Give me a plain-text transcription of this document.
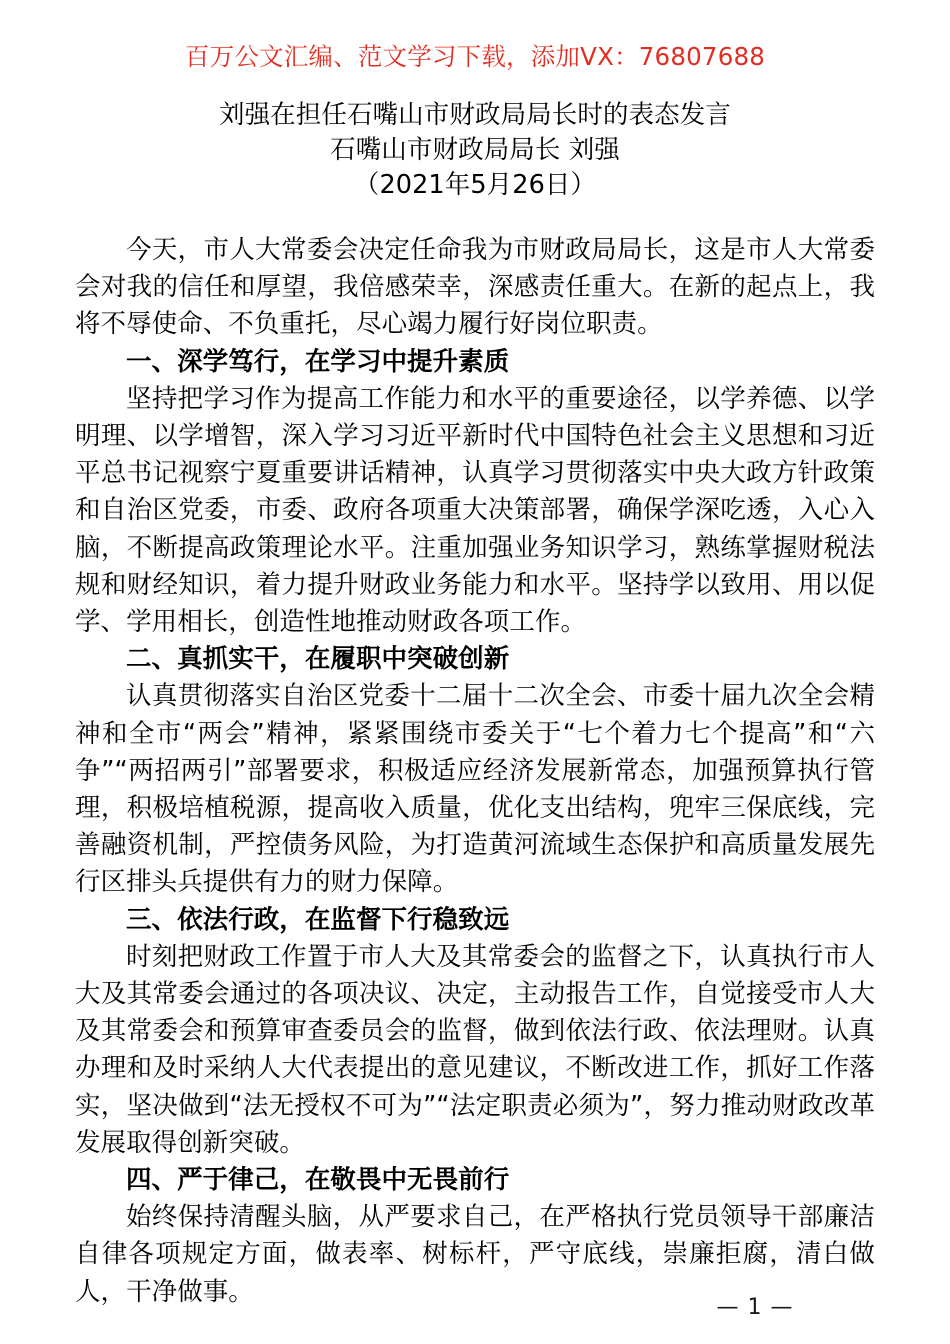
百万公文汇编、范文学习下载，添加VX：76807688
刘强在担任石嘴山市财政局局长时的表态发言
石嘴山市财政局局长 刘强
（2021年5月26日）

今天，市人大常委会决定任命我为市财政局局长，这是市人大常委会对我的信任和厚望，我倍感荣幸，深感责任重大。在新的起点上，我将不辱使命、不负重托，尽心竭力履行好岗位职责。

一、深学笃行，在学习中提升素质

坚持把学习作为提高工作能力和水平的重要途径，以学养德、以学明理、以学增智，深入学习习近平新时代中国特色社会主义思想和习近平总书记视察宁夏重要讲话精神，认真学习贯彻落实中央大政方针政策和自治区党委，市委、政府各项重大决策部署，确保学深吃透，入心入脑，不断提高政策理论水平。注重加强业务知识学习，熟练掌握财税法规和财经知识，着力提升财政业务能力和水平。坚持学以致用、用以促学、学用相长，创造性地推动财政各项工作。

二、真抓实干，在履职中突破创新

认真贯彻落实自治区党委十二届十二次全会、市委十届九次全会精神和全市“两会”精神，紧紧围绕市委关于“七个着力七个提高”和“六争”“两招两引”部署要求，积极适应经济发展新常态，加强预算执行管理，积极培植税源，提高收入质量，优化支出结构，兜牢三保底线，完善融资机制，严控债务风险，为打造黄河流域生态保护和高质量发展先行区排头兵提供有力的财力保障。

三、依法行政，在监督下行稳致远

时刻把财政工作置于市人大及其常委会的监督之下，认真执行市人大及其常委会通过的各项决议、决定，主动报告工作，自觉接受市人大及其常委会和预算审查委员会的监督，做到依法行政、依法理财。认真办理和及时采纳人大代表提出的意见建议，不断改进工作，抓好工作落实，坚决做到“法无授权不可为”“法定职责必须为”，努力推动财政改革发展取得创新突破。

四、严于律己，在敬畏中无畏前行

始终保持清醒头脑，从严要求自己，在严格执行党员领导干部廉洁自律各项规定方面，做表率、树标杆，严守底线，崇廉拒腐，清白做人，干净做事。

— 1 —
